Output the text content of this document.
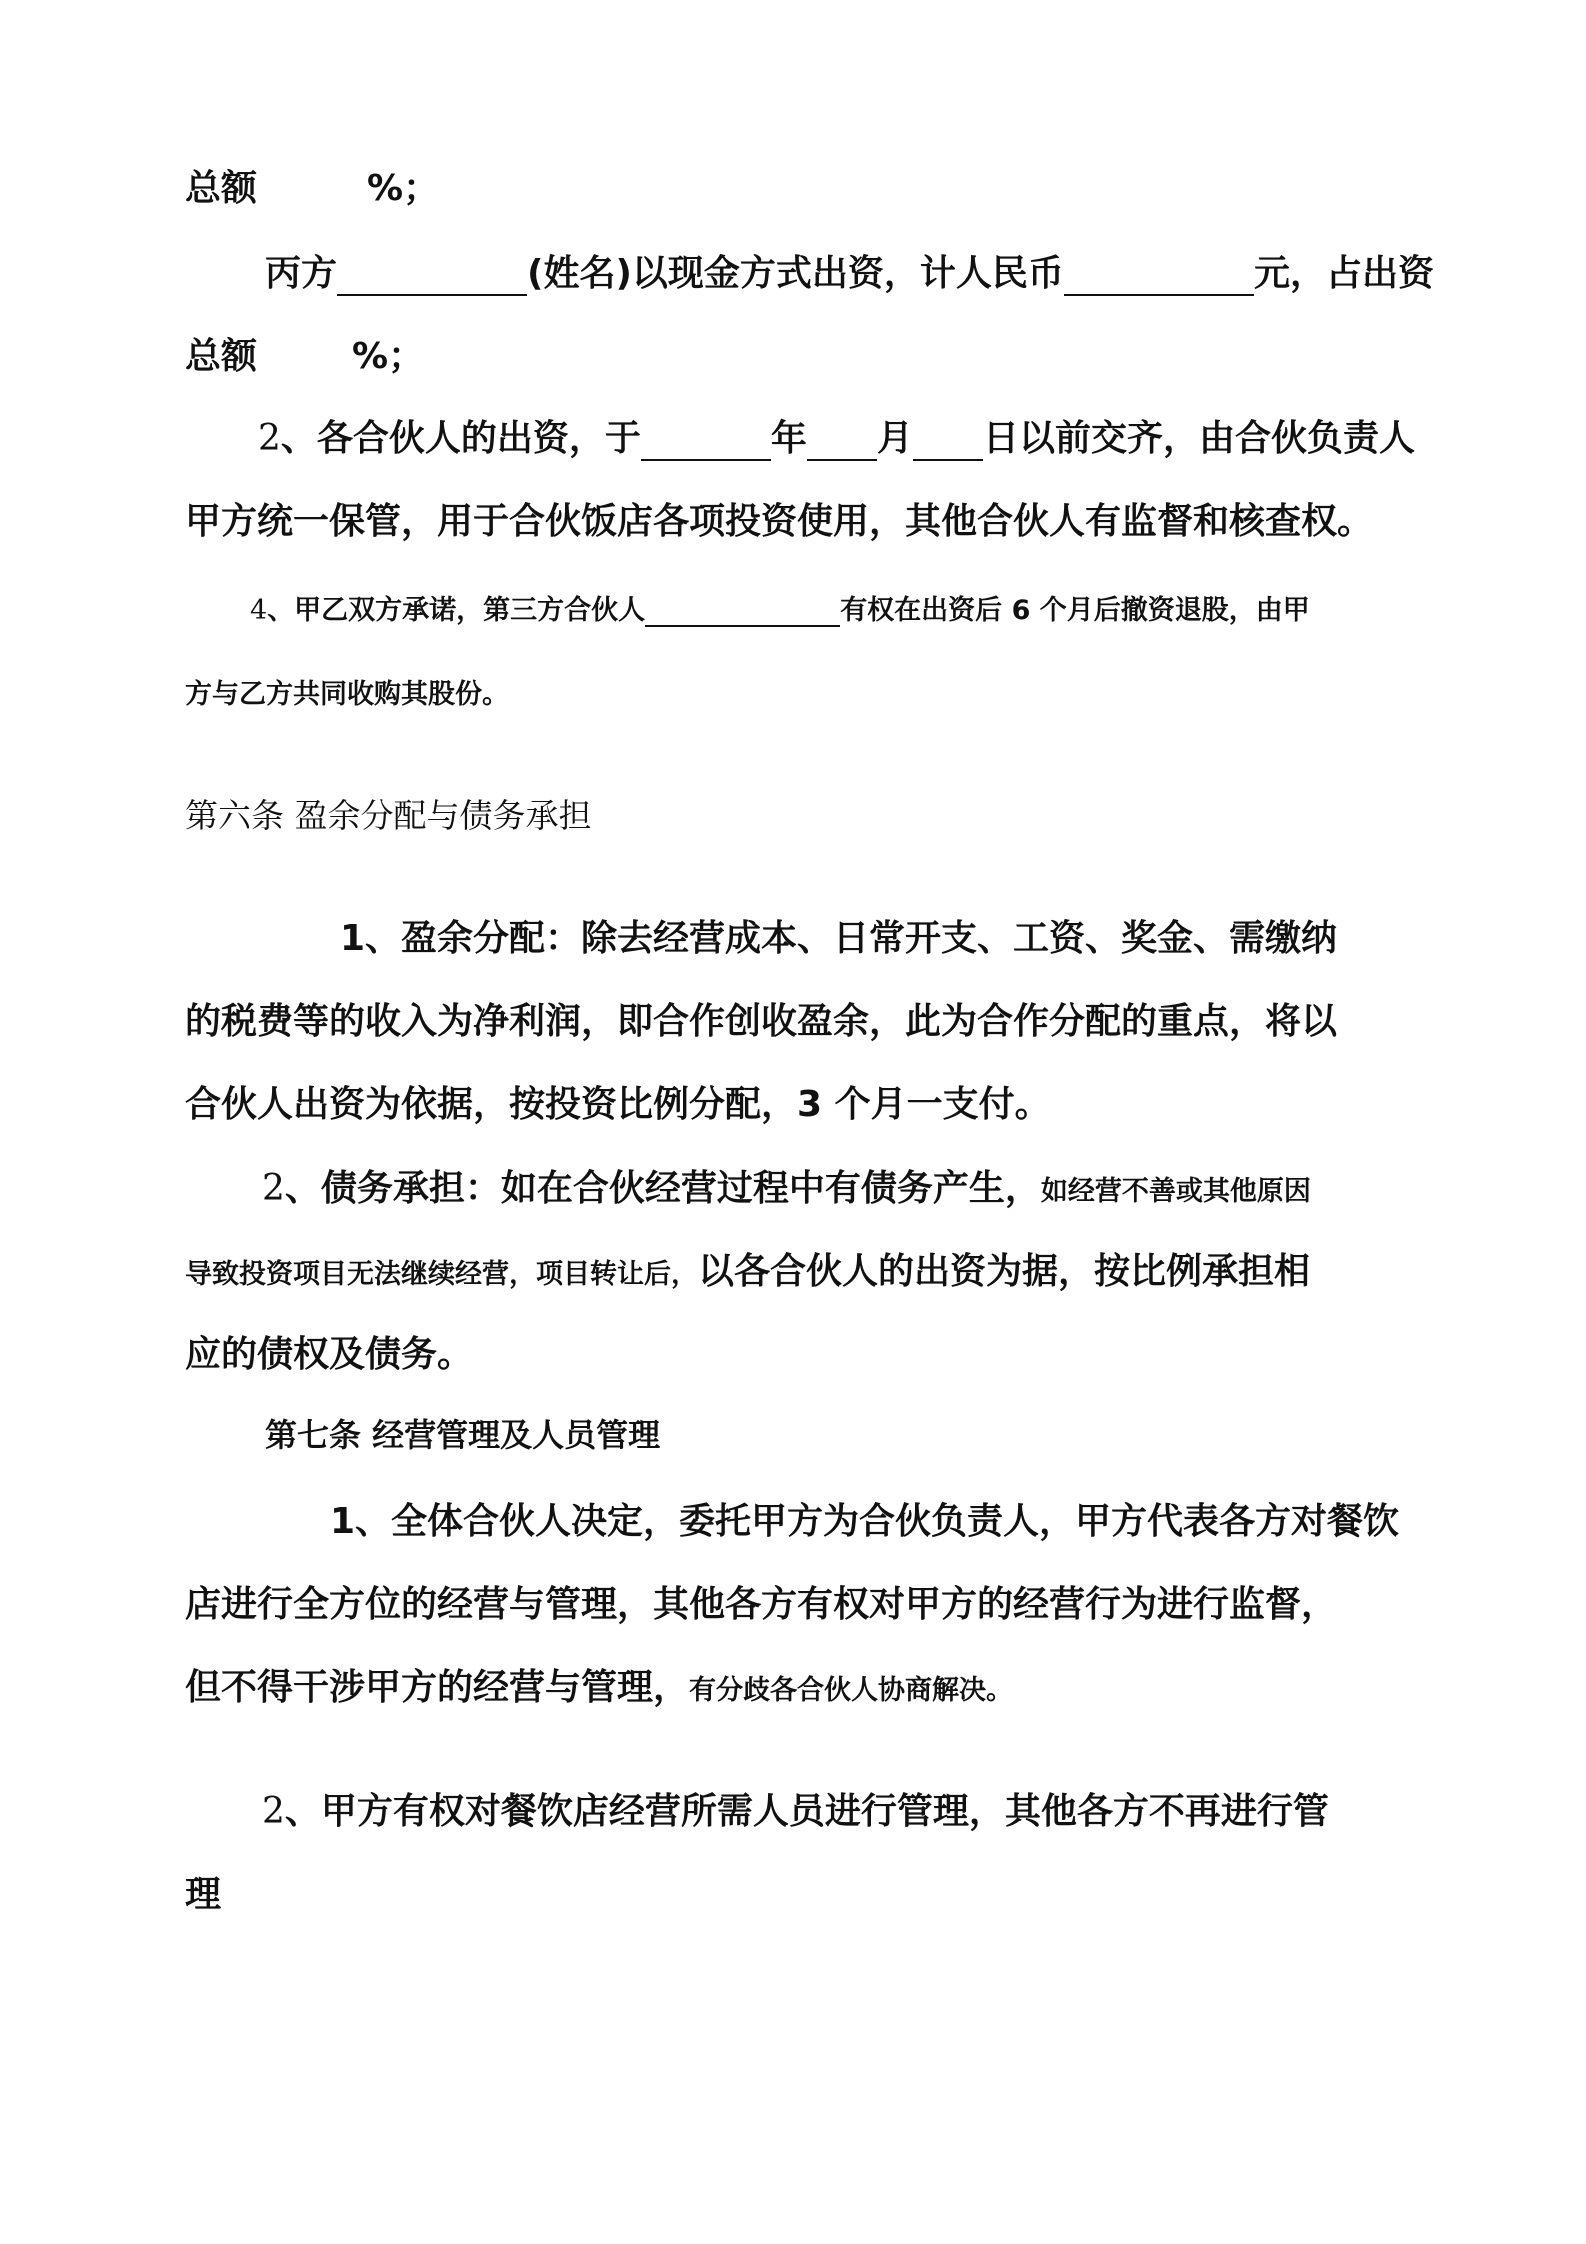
总额	%；
丙方	(姓名)以现金方式出资，计人民币	元，占出资
总额	%；
2、各合伙人的出资，于	年 月 日以前交齐，由合伙负责人
甲方统一保管，用于合伙饭店各项投资使用，其他合伙人有监督和核查权。
4、甲乙双方承诺，第三方合伙人	有权在出资后 6 个月后撤资退股，由甲
方与乙方共同收购其股份。
第六条 盈余分配与债务承担
1、盈余分配：除去经营成本、日常开支、工资、奖金、需缴纳
的税费等的收入为净利润，即合作创收盈余，此为合作分配的重点，将以
合伙人出资为依据，按投资比例分配，3 个月一支付。
2、债务承担：如在合伙经营过程中有债务产生，如经营不善或其他原因
导致投资项目无法继续经营，项目转让后，以各合伙人的出资为据，按比例承担相
应的债权及债务。
第七条 经营管理及人员管理
1、全体合伙人决定，委托甲方为合伙负责人，甲方代表各方对餐饮
店进行全方位的经营与管理，其他各方有权对甲方的经营行为进行监督，
但不得干涉甲方的经营与管理，有分歧各合伙人协商解决。
2、甲方有权对餐饮店经营所需人员进行管理，其他各方不再进行管
理
